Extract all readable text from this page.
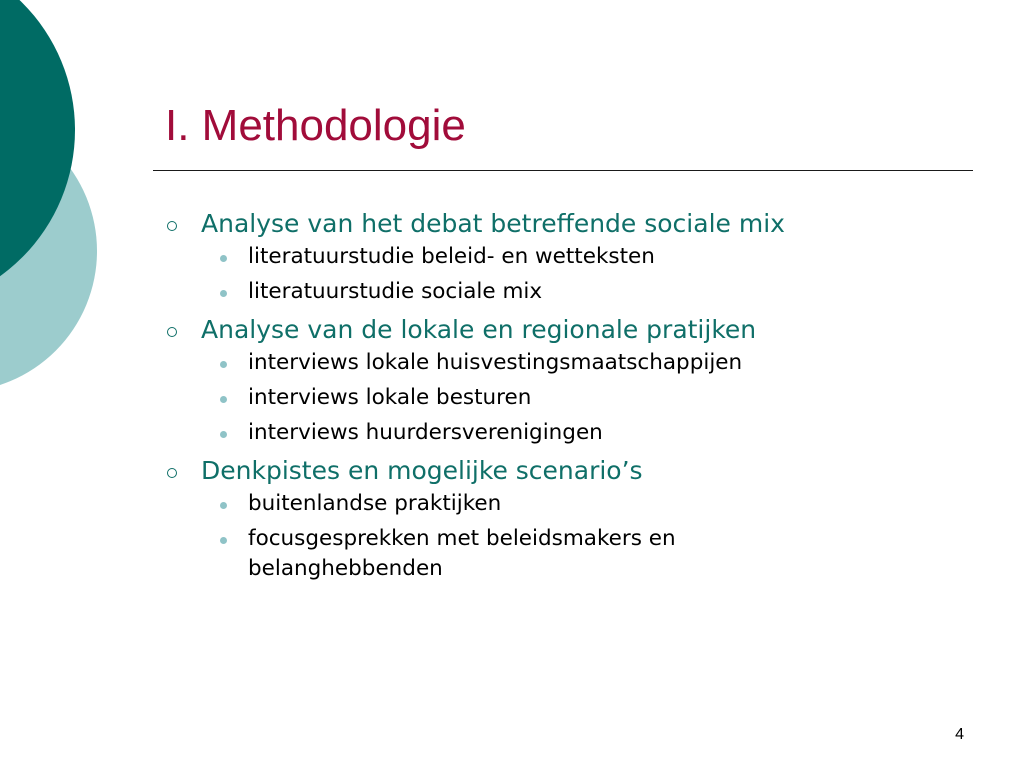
I. Methodologie
Analyse van het debat betreffende sociale mix
literatuurstudie beleid- en wetteksten
literatuurstudie sociale mix
Analyse van de lokale en regionale pratijken
interviews lokale huisvestingsmaatschappijen
interviews lokale besturen
interviews huurdersverenigingen
Denkpistes en mogelijke scenario’s
buitenlandse praktijken
focusgesprekken met beleidsmakers en belanghebbenden
4
